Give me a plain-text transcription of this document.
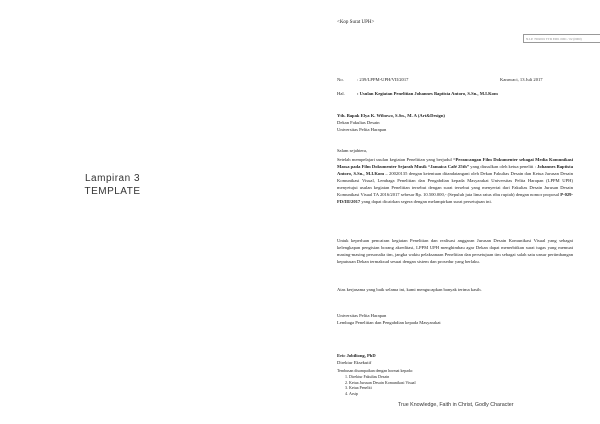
Lampiran 3
TEMPLATE
<Kop Surat UPH>
N.I.P. 7002001 TTD E001 0001 / 02 (0000)
No.	: 239/LPPM-UPH/VII/2017	Karawaci, 13 Juli 2017
Hal.	: Usulan Kegiatan Penelitian Johannes Baptista Antoro, S.Sn., M.I.Kom
Yth. Bapak Elya K. Wibowo, S.Sn., M. A (Art&Design)
Dekan Fakultas Desain
Universitas Pelita Harapan
Salam sejahtera,
Setelah mempelajari usulan kegiatan Penelitian yang berjudul “Perancangan Film Dokumenter sebagai Media Komunikasi Massa pada Film Dokumenter Sejarah Musik “Jamaica Café 25th” yang diusulkan oleh ketua peneliti : Johannes Baptista Antoro, S.Sn., M.I.Kom – 20020135 dengan ketentuan ditandatangani oleh Dekan Fakultas Desain dan Ketua Jurusan Desain Komunikasi Visual, Lembaga Penelitian dan Pengabdian kepada Masyarakat Universitas Pelita Harapan (LPPM UPH) menyetujui usulan kegiatan Penelitian tersebut dengan surat tersebut yang menyertai dari Fakultas Desain Jurusan Desain Komunikasi Visual TA 2016/2017 sebesar Rp. 10.500.000,- (Sepuluh juta lima ratus ribu rupiah) dengan nomor proposal P-029-FD/III/2017 yang dapat dicairkan segera dengan melampirkan surat persetujuan ini.
Untuk keperluan pencairan kegiatan Penelitian dan realisasi anggaran Jurusan Desain Komunikasi Visual yang sebagai kelengkapan pengisian borang akreditasi, LPPM UPH menghimbau agar Dekan dapat menerbitkan surat tugas yang memuat masing-masing personalia tim, jangka waktu pelaksanaan Penelitian dan persetujuan tim sebagai salah satu unsur pertimbangan keputusan Dekan termaksud sesuai dengan sistem dan prosedur yang berlaku.
Atas kerjasama yang baik selama ini, kami mengucapkan banyak terima kasih.
Universitas Pelita Harapan
Lembaga Penelitian dan Pengabdian kepada Masyarakat
Eric Jobiliong, PhD
Direktur Eksekutif
Tembusan disampaikan dengan hormat kepada:
1. Direktur Fakultas Desain
2. Ketua Jurusan Desain Komunikasi Visual
3. Ketua Peneliti
4. Arsip
True Knowledge, Faith in Christ, Godly Character
